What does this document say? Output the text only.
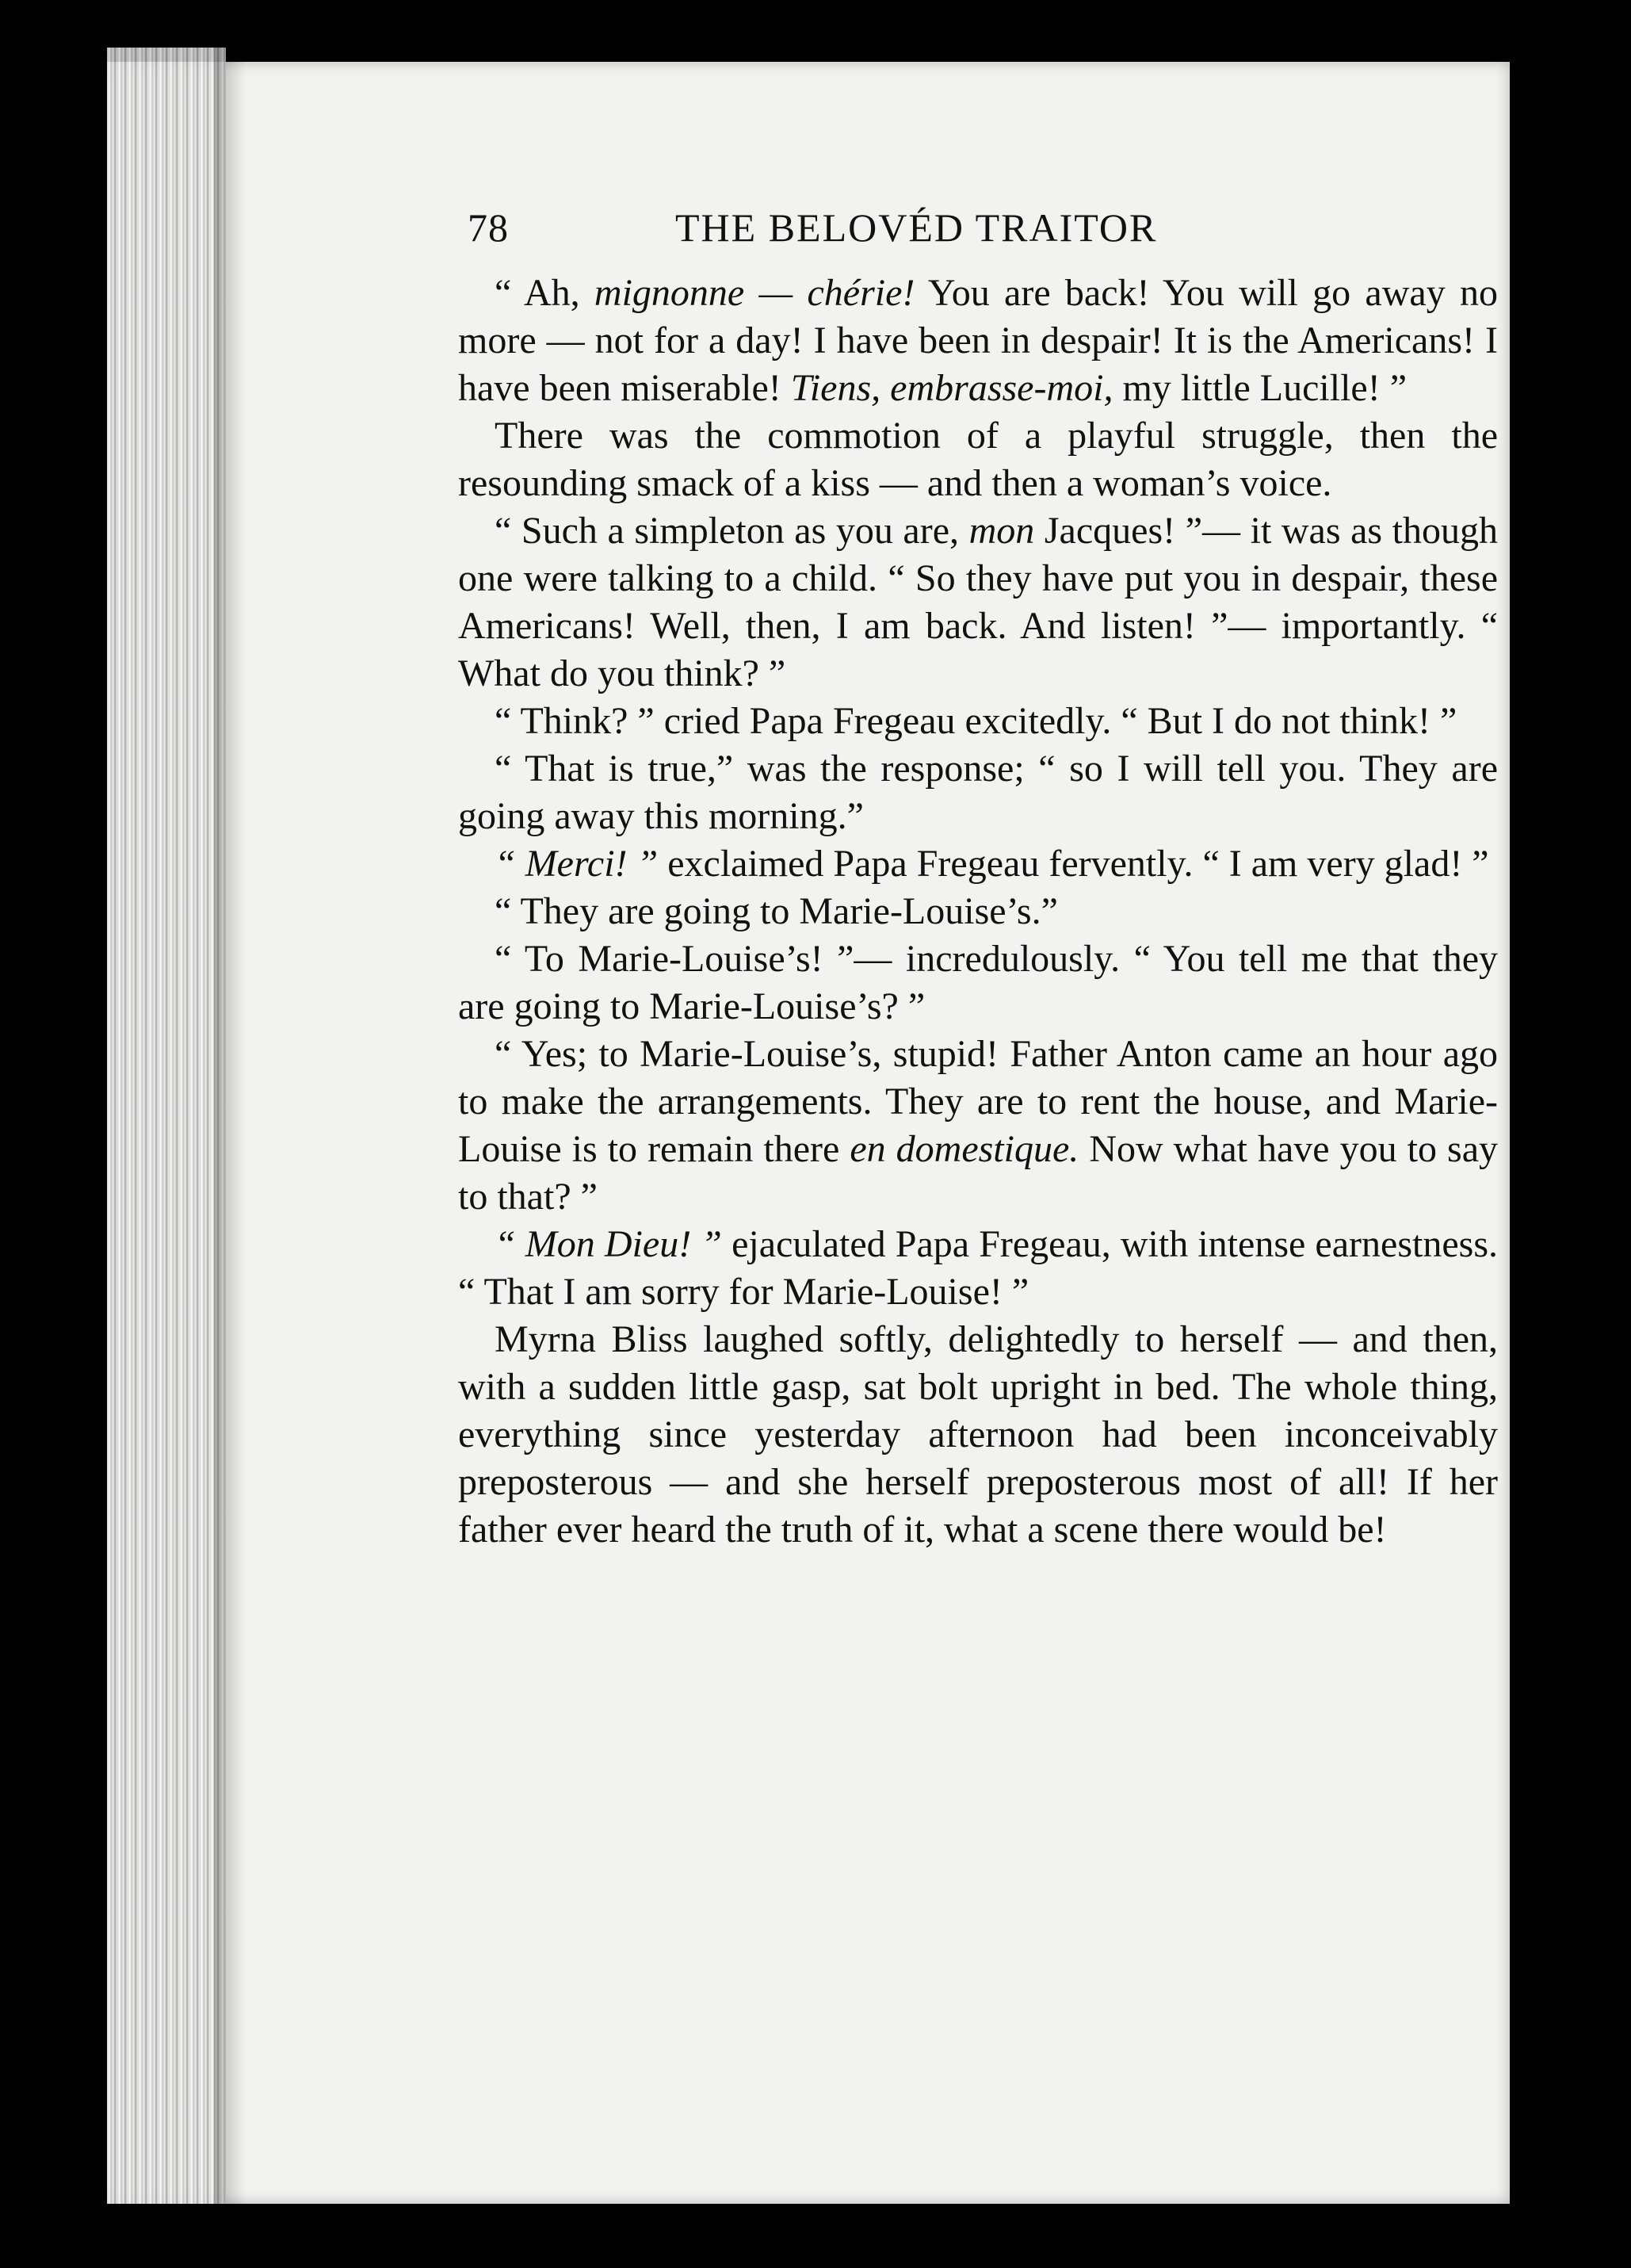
78	THE BELOVÉD TRAITOR

“ Ah, mignonne — chérie! You are back! You will go away no more — not for a day! I have been in despair! It is the Americans! I have been miserable! Tiens, embrasse-moi, my little Lucille! ”

There was the commotion of a playful struggle, then the resounding smack of a kiss — and then a woman’s voice.

“ Such a simpleton as you are, mon Jacques! ”— it was as though one were talking to a child. “ So they have put you in despair, these Americans! Well, then, I am back. And listen! ”— importantly. “ What do you think? ”

“ Think? ” cried Papa Fregeau excitedly. “ But I do not think! ”

“ That is true,” was the response; “ so I will tell you. They are going away this morning.”

“ Merci! ” exclaimed Papa Fregeau fervently. “ I am very glad! ”

“ They are going to Marie-Louise’s.”

“ To Marie-Louise’s! ”— incredulously. “ You tell me that they are going to Marie-Louise’s? ”

“ Yes; to Marie-Louise’s, stupid! Father Anton came an hour ago to make the arrangements. They are to rent the house, and Marie-Louise is to remain there en domestique. Now what have you to say to that? ”

“ Mon Dieu! ” ejaculated Papa Fregeau, with intense earnestness. “ That I am sorry for Marie-Louise! ”

Myrna Bliss laughed softly, delightedly to herself — and then, with a sudden little gasp, sat bolt upright in bed. The whole thing, everything since yesterday afternoon had been inconceivably preposterous — and she herself preposterous most of all! If her father ever heard the truth of it, what a scene there would be!
